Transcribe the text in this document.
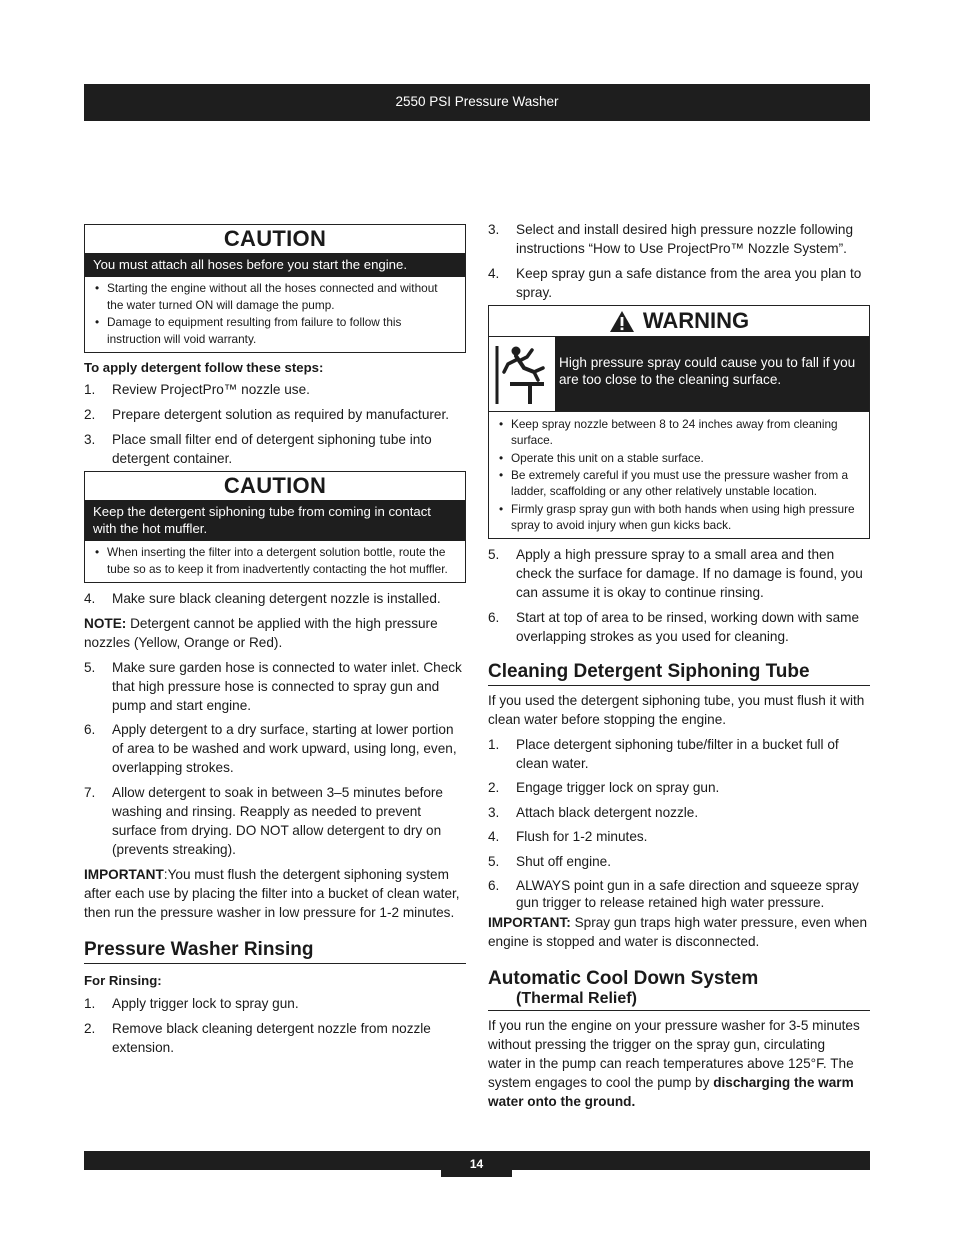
2550 PSI Pressure Washer
CAUTION
You must attach all hoses before you start the engine.
• Starting the engine without all the hoses connected and without the water turned ON will damage the pump.
• Damage to equipment resulting from failure to follow this instruction will void warranty.
To apply detergent follow these steps:
1. Review ProjectPro™ nozzle use.
2. Prepare detergent solution as required by manufacturer.
3. Place small filter end of detergent siphoning tube into detergent container.
CAUTION
Keep the detergent siphoning tube from coming in contact with the hot muffler.
• When inserting the filter into a detergent solution bottle, route the tube so as to keep it from inadvertently contacting the hot muffler.
4. Make sure black cleaning detergent nozzle is installed.

NOTE: Detergent cannot be applied with the high pressure nozzles (Yellow, Orange or Red).

5. Make sure garden hose is connected to water inlet. Check that high pressure hose is connected to spray gun and pump and start engine.
6. Apply detergent to a dry surface, starting at lower portion of area to be washed and work upward, using long, even, overlapping strokes.
7. Allow detergent to soak in between 3–5 minutes before washing and rinsing. Reapply as needed to prevent surface from drying. DO NOT allow detergent to dry on (prevents streaking).

IMPORTANT:You must flush the detergent siphoning system after each use by placing the filter into a bucket of clean water, then run the pressure washer in low pressure for 1-2 minutes.

Pressure Washer Rinsing
For Rinsing:
1. Apply trigger lock to spray gun.
2. Remove black cleaning detergent nozzle from nozzle extension.
3. Select and install desired high pressure nozzle following instructions “How to Use ProjectPro™ Nozzle System”.
4. Keep spray gun a safe distance from the area you plan to spray.
WARNING
High pressure spray could cause you to fall if you are too close to the cleaning surface.
• Keep spray nozzle between 8 to 24 inches away from cleaning surface.
• Operate this unit on a stable surface.
• Be extremely careful if you must use the pressure washer from a ladder, scaffolding or any other relatively unstable location.
• Firmly grasp spray gun with both hands when using high pressure spray to avoid injury when gun kicks back.
5. Apply a high pressure spray to a small area and then check the surface for damage. If no damage is found, you can assume it is okay to continue rinsing.
6. Start at top of area to be rinsed, working down with same overlapping strokes as you used for cleaning.
Cleaning Detergent Siphoning Tube

If you used the detergent siphoning tube, you must flush it with clean water before stopping the engine.

1. Place detergent siphoning tube/filter in a bucket full of clean water.
2. Engage trigger lock on spray gun.
3. Attach black detergent nozzle.
4. Flush for 1-2 minutes.
5. Shut off engine.
6. ALWAYS point gun in a safe direction and squeeze spray gun trigger to release retained high water pressure.

IMPORTANT: Spray gun traps high water pressure, even when engine is stopped and water is disconnected.

Automatic Cool Down System
(Thermal Relief)

If you run the engine on your pressure washer for 3-5 minutes without pressing the trigger on the spray gun, circulating water in the pump can reach temperatures above 125°F. The system engages to cool the pump by discharging the warm water onto the ground.

14
